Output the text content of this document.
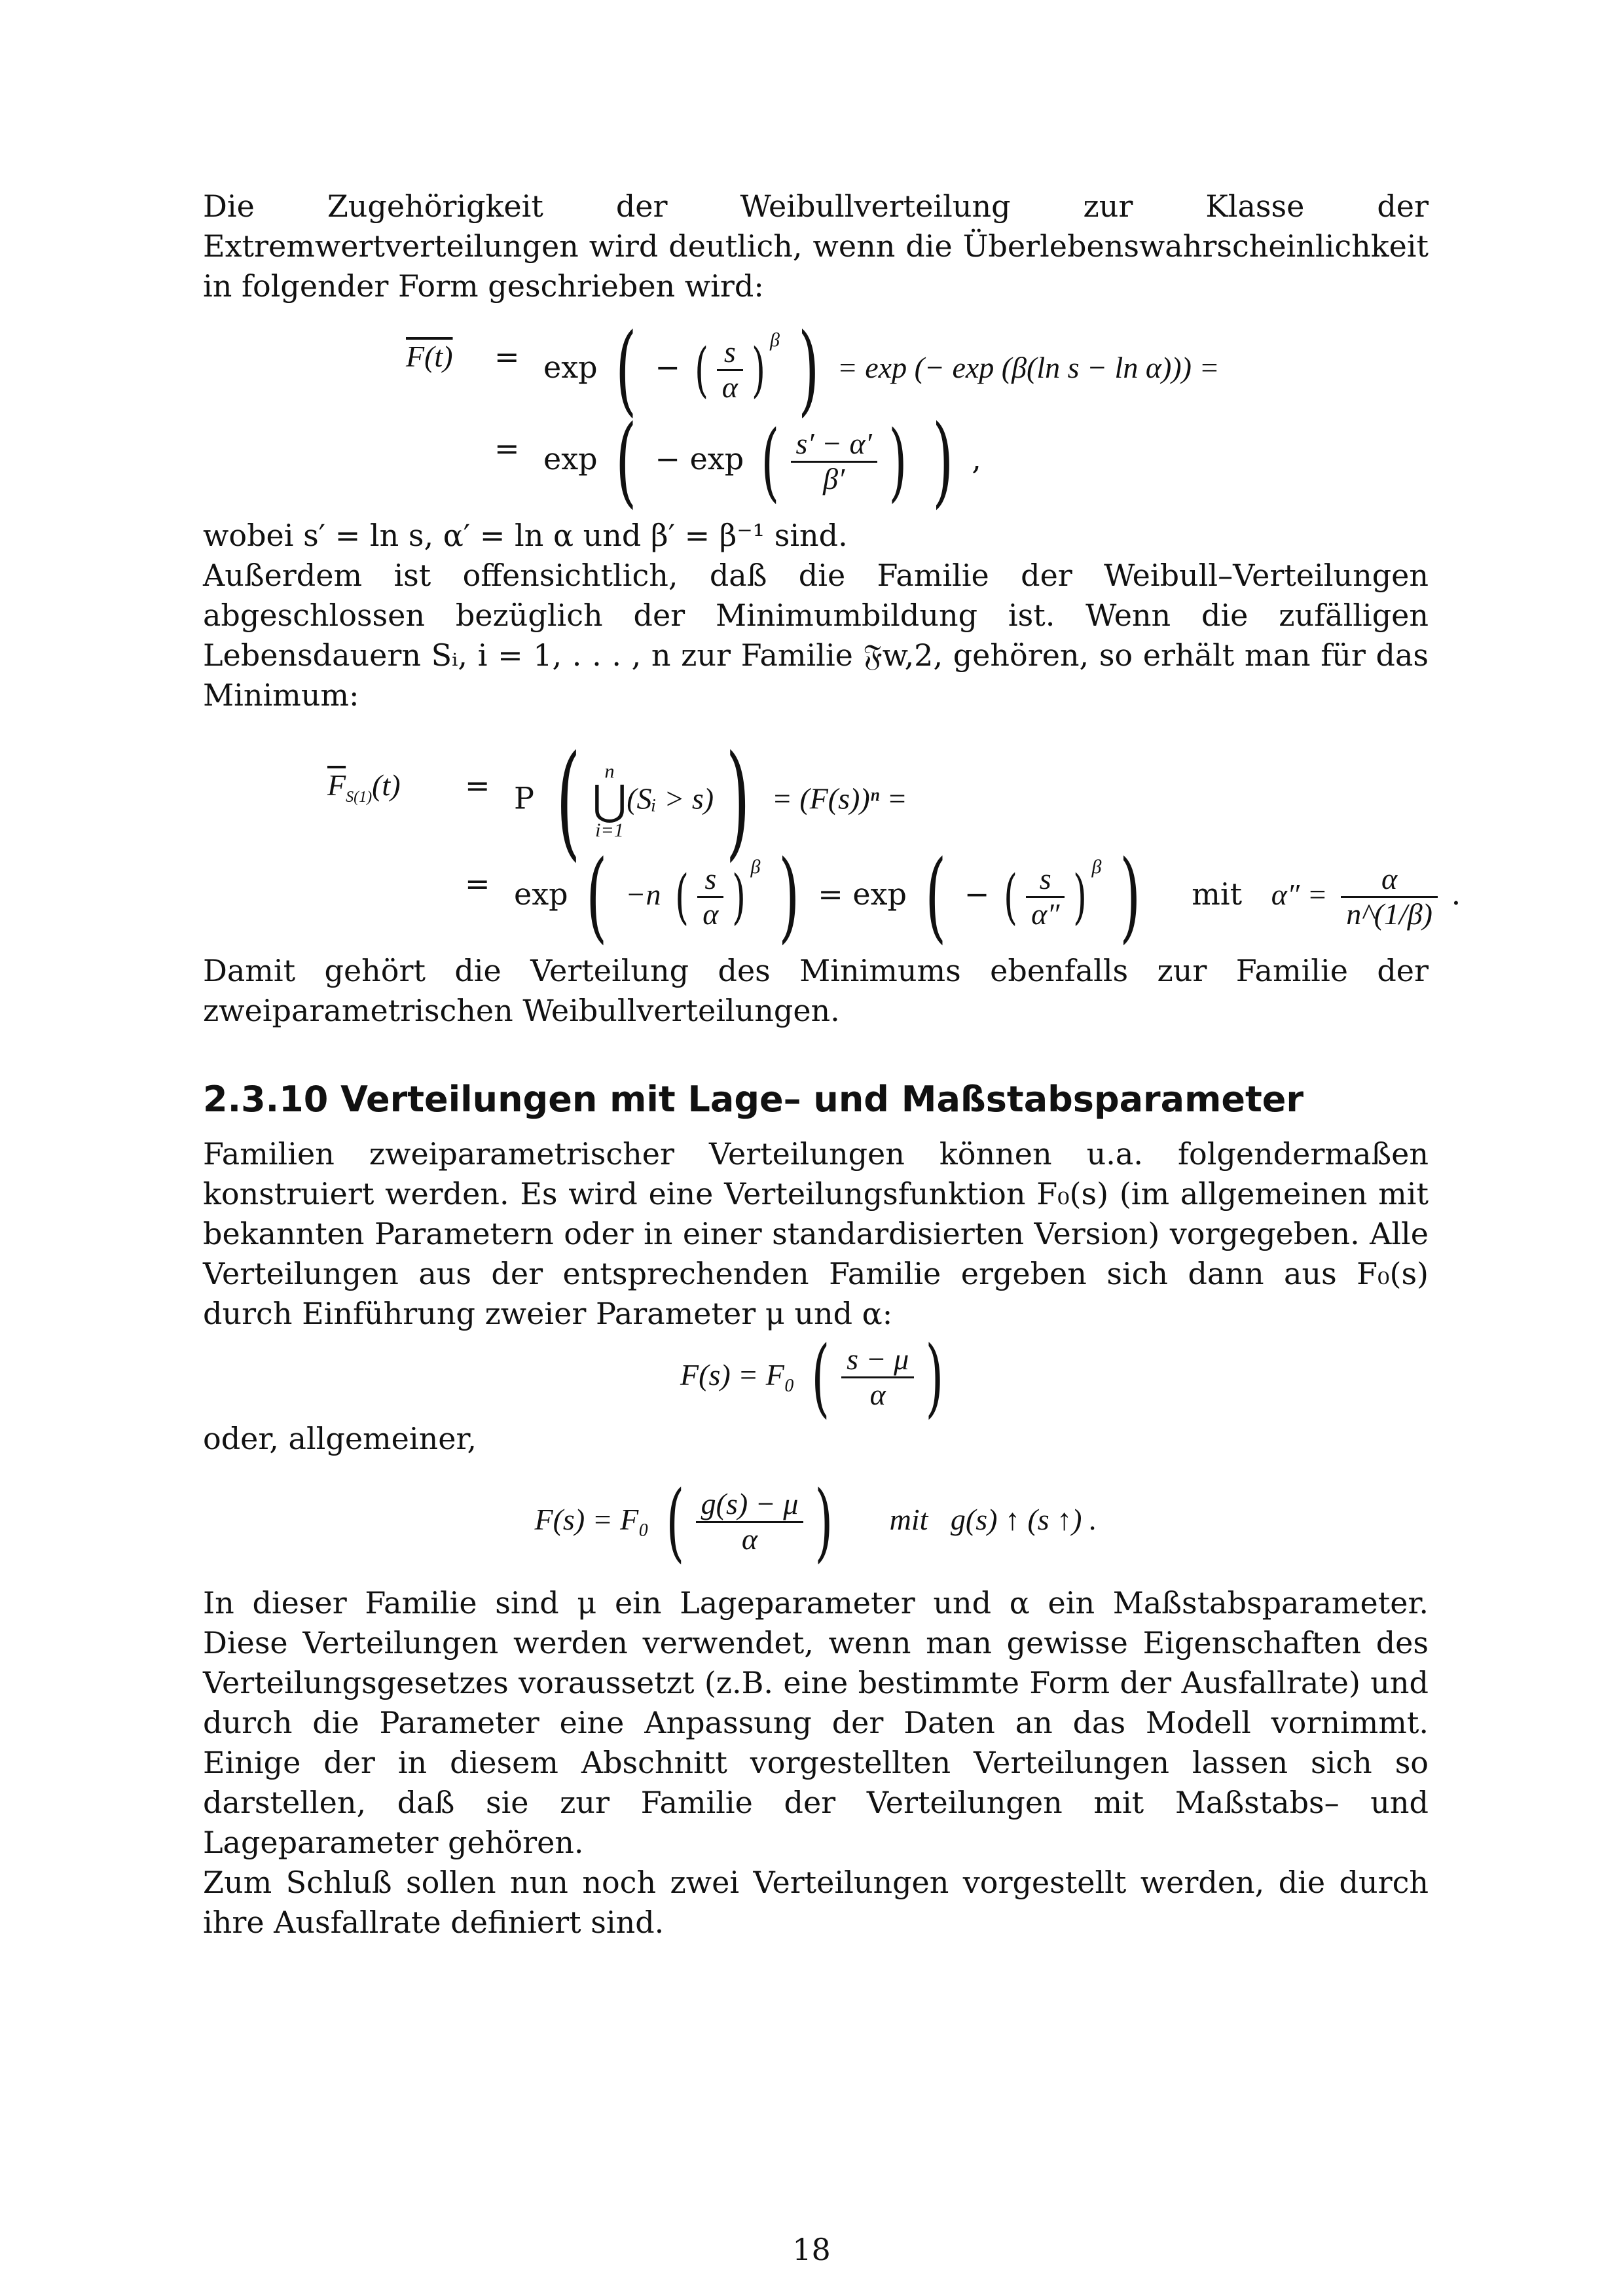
Die Zugehörigkeit der Weibullverteilung zur Klasse der Extremwertverteilungen wird deutlich, wenn die Überlebenswahrscheinlichkeit in folgender Form geschrieben wird:

F(t) = exp ( − ( $\frac{s}{\alpha}$ ) $^\beta$ ) = exp (− exp (β(ln s − ln α))) =
= exp ( − exp ( $\frac{s' - \alpha'}{\beta'}$ ) ) ,

wobei s′ = ln s, α′ = ln α und β′ = β⁻¹ sind.

Außerdem ist offensichtlich, daß die Familie der Weibull–Verteilungen abgeschlossen bezüglich der Minimumbildung ist. Wenn die zufälligen Lebensdauern Sᵢ, i = 1, . . . , n zur Familie 𝔉w,2, gehören, so erhält man für das Minimum:

$\overline{F}_{S(1)}(t) = P$ (	n
⋃
i=1
(Sᵢ > s)) = (F(s))ⁿ =
= exp ( −n ( $\frac{s}{\alpha}$ ) $^\beta$ ) = exp ( − ( $\frac{s}{\alpha''}$ ) $^\beta$ ) mit $\alpha'' = \frac{\alpha}{n\^{}(1/\beta)}$ .

Damit gehört die Verteilung des Minimums ebenfalls zur Familie der zweiparametrischen Weibullverteilungen.

2.3.10 Verteilungen mit Lage– und Maßstabsparameter

Familien zweiparametrischer Verteilungen können u.a. folgendermaßen konstruiert werden. Es wird eine Verteilungsfunktion F₀(s) (im allgemeinen mit bekannten Parametern oder in einer standardisierten Version) vorgegeben. Alle Verteilungen aus der entsprechenden Familie ergeben sich dann aus F₀(s) durch Einführung zweier Parameter μ und α:

F(s) = F₀ ( $\frac{s - \mu}{\alpha}$ )

oder, allgemeiner,

F(s) = F₀ ( $\frac{g(s) - \mu}{\alpha}$ ) mit   g(s) ↑ (s ↑) .

In dieser Familie sind μ ein Lageparameter und α ein Maßstabsparameter. Diese Verteilungen werden verwendet, wenn man gewisse Eigenschaften des Verteilungsgesetzes voraussetzt (z.B. eine bestimmte Form der Ausfallrate) und durch die Parameter eine Anpassung der Daten an das Modell vornimmt. Einige der in diesem Abschnitt vorgestellten Verteilungen lassen sich so darstellen, daß sie zur Familie der Verteilungen mit Maßstabs– und Lageparameter gehören.

Zum Schluß sollen nun noch zwei Verteilungen vorgestellt werden, die durch ihre Ausfallrate definiert sind.

18
